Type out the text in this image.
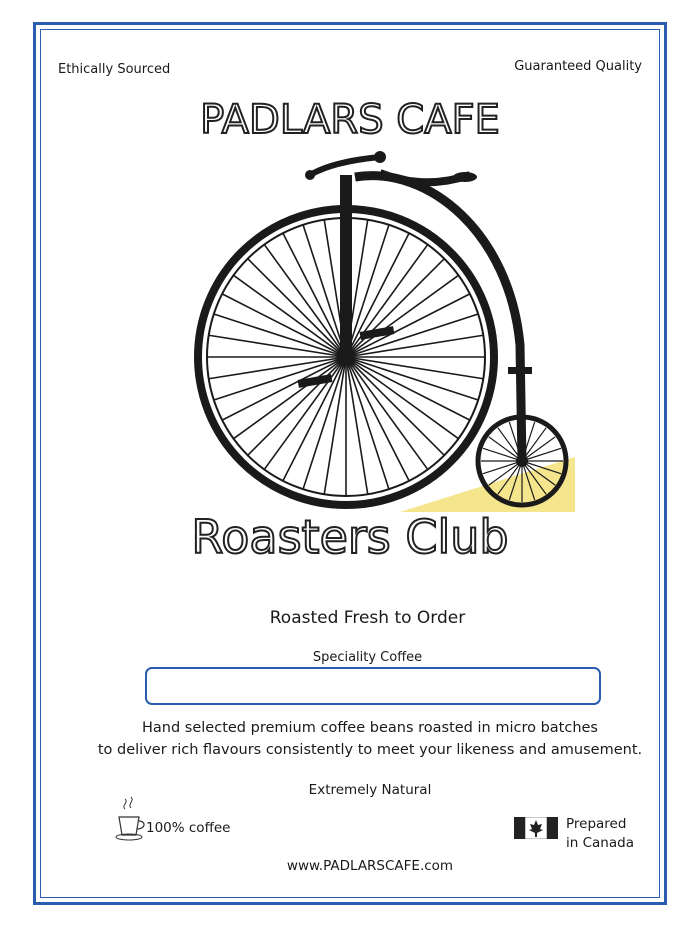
Ethically Sourced	Guaranteed Quality
PADLARS CAFE
Roasters Club
Roasted Fresh to Order
Speciality Coffee
Hand selected premium coffee beans roasted in micro batches
to deliver rich flavours consistently to meet your likeness and amusement.
Extremely Natural
100% coffee	Prepared
in Canada
www.PADLARSCAFE.com
